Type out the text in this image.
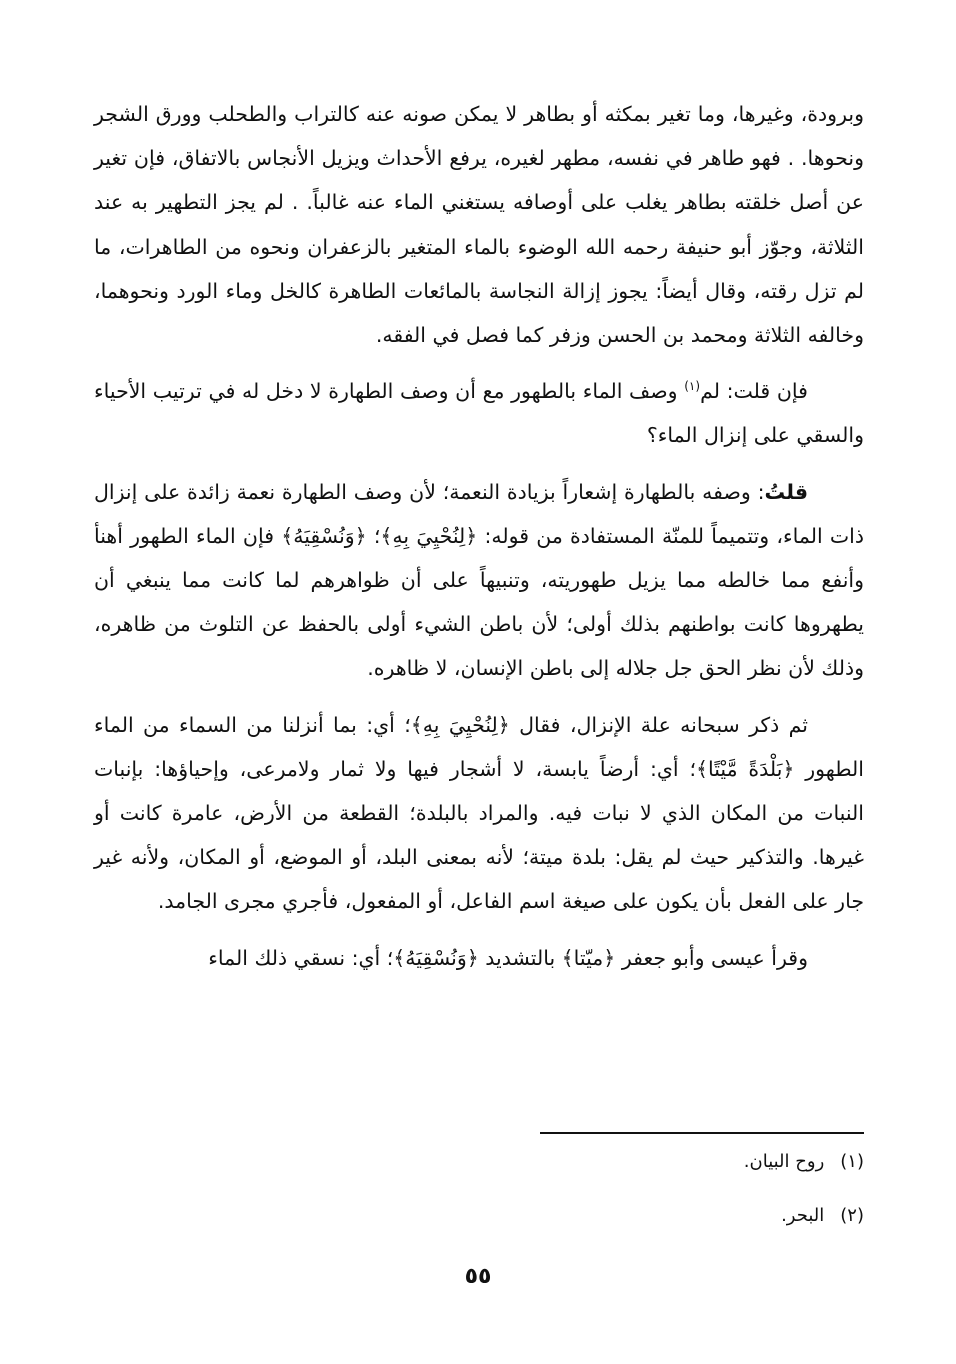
وبرودة، وغيرها، وما تغير بمكثه أو بطاهر لا يمكن صونه عنه كالتراب والطحلب وورق الشجر ونحوها. . فهو طاهر في نفسه، مطهر لغيره، يرفع الأحداث ويزيل الأنجاس بالاتفاق، فإن تغير عن أصل خلقته بطاهر يغلب على أوصافه يستغني الماء عنه غالباً. . لم يجز التطهير به عند الثلاثة، وجوّز أبو حنيفة رحمه الله الوضوء بالماء المتغير بالزعفران ونحوه من الطاهرات، ما لم تزل رقته، وقال أيضاً: يجوز إزالة النجاسة بالمائعات الطاهرة كالخل وماء الورد ونحوهما، وخالفه الثلاثة ومحمد بن الحسن وزفر كما فصل في الفقه.

فإن قلت: لم$^{(١)}$ وصف الماء بالطهور مع أن وصف الطهارة لا دخل له في ترتيب الأحياء والسقي على إنزال الماء؟

قلتُ: وصفه بالطهارة إشعاراً بزيادة النعمة؛ لأن وصف الطهارة نعمة زائدة على إنزال ذات الماء، وتتميماً للمنّة المستفادة من قوله: ﴿لِنُحْيِيَ بِهِ﴾؛ ﴿وَنُسْقِيَهُ﴾ فإن الماء الطهور أهنأ وأنفع مما خالطه مما يزيل طهوريته، وتنبيهاً على أن ظواهرهم لما كانت مما ينبغي أن يطهروها كانت بواطنهم بذلك أولى؛ لأن باطن الشيء أولى بالحفظ عن التلوث من ظاهره، وذلك لأن نظر الحق جل جلاله إلى باطن الإنسان، لا ظاهره.

ثم ذكر سبحانه علة الإنزال، فقال ﴿لِنُحْيِيَ بِهِ﴾؛ أي: بما أنزلنا من السماء من الماء الطهور ﴿بَلْدَةً مَّيْتًا﴾؛ أي: أرضاً يابسة، لا أشجار فيها ولا ثمار ولامرعى، وإحياؤها: بإنبات النبات من المكان الذي لا نبات فيه. والمراد بالبلدة؛ القطعة من الأرض، عامرة كانت أو غيرها. والتذكير حيث لم يقل: بلدة ميتة؛ لأنه بمعنى البلد، أو الموضع، أو المكان، ولأنه غير جار على الفعل بأن يكون على صيغة اسم الفاعل، أو المفعول، فأجري مجرى الجامد.

وقرأ عيسى وأبو جعفر ﴿ميّتا﴾ بالتشديد ﴿وَنُسْقِيَهُ﴾؛ أي: نسقي ذلك الماء

(١)روح البيان.
(٢)البحر.
٥٥
